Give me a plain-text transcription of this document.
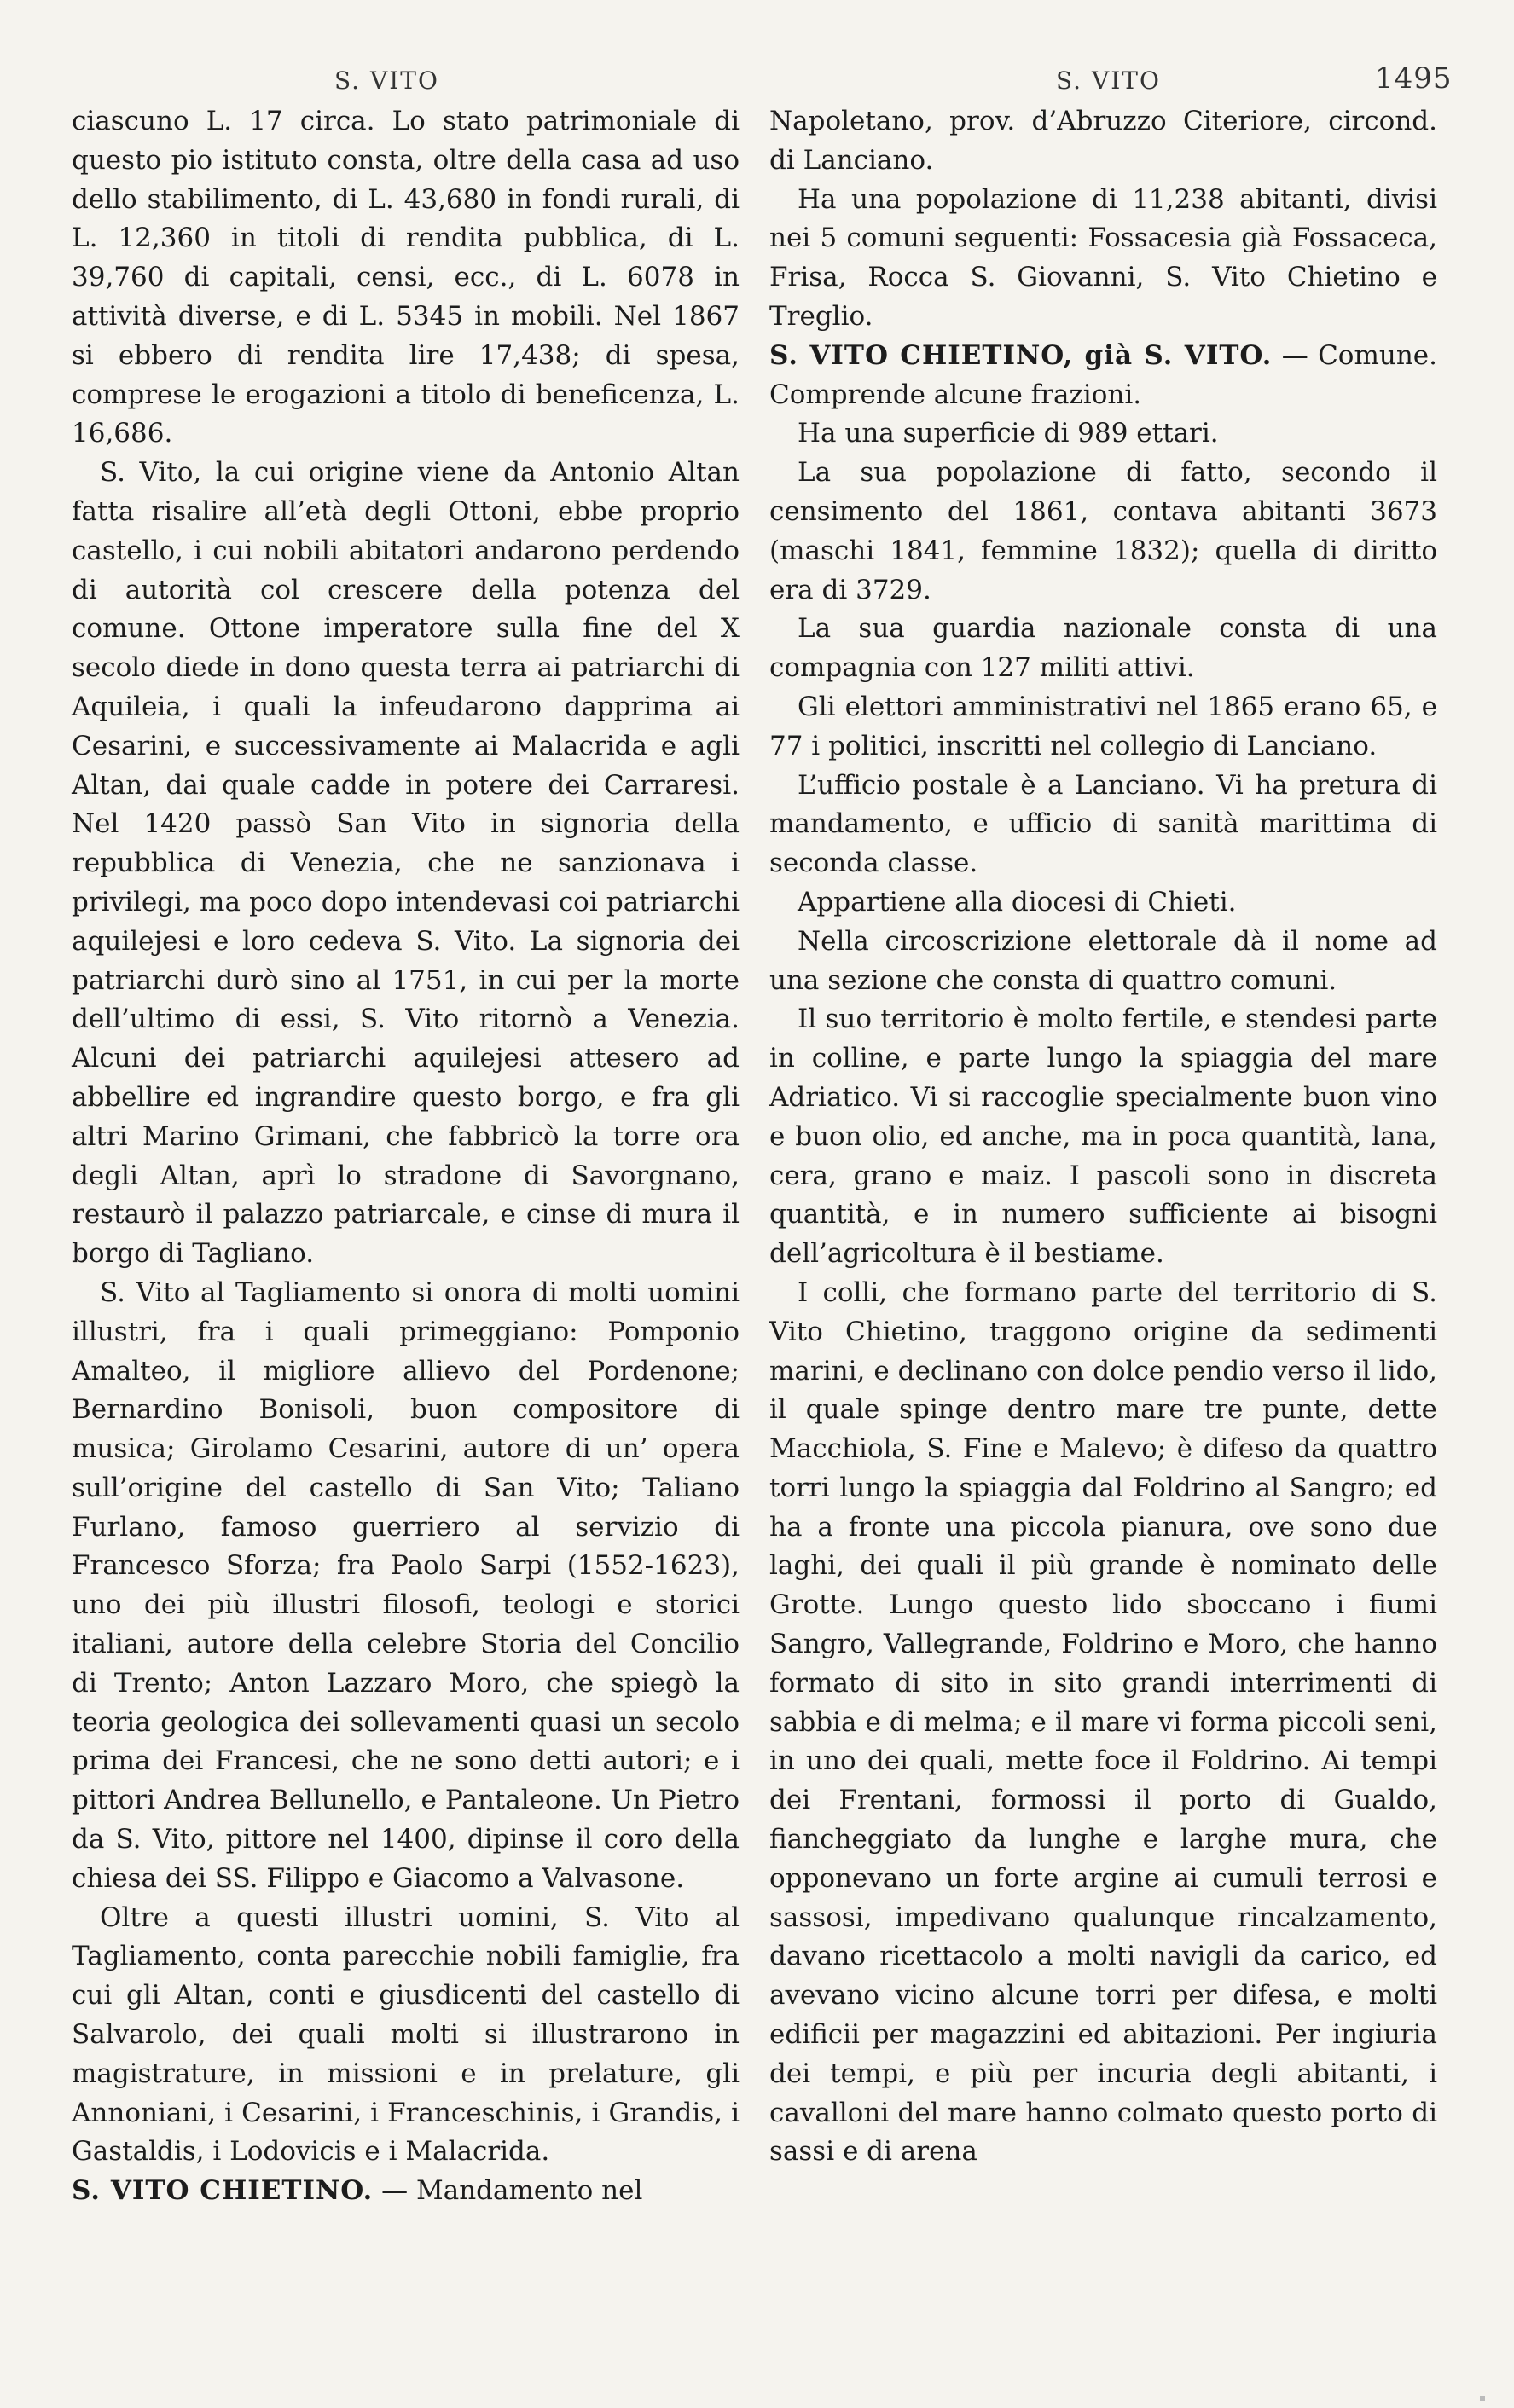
S. VITO	S. VITO	1495

ciascuno L. 17 circa. Lo stato patrimoniale di questo pio istituto consta, oltre della casa ad uso dello stabilimento, di L. 43,680 in fondi rurali, di L. 12,360 in titoli di rendita pubblica, di L. 39,760 di capitali, censi, ecc., di L. 6078 in attività diverse, e di L. 5345 in mobili. Nel 1867 si ebbero di rendita lire 17,438; di spesa, comprese le erogazioni a titolo di beneficenza, L. 16,686.

S. Vito, la cui origine viene da Antonio Altan fatta risalire all’età degli Ottoni, ebbe proprio castello, i cui nobili abitatori andarono perdendo di autorità col crescere della potenza del comune. Ottone imperatore sulla fine del X secolo diede in dono questa terra ai patriarchi di Aquileia, i quali la infeudarono dapprima ai Cesarini, e successivamente ai Malacrida e agli Altan, dai quale cadde in potere dei Carraresi. Nel 1420 passò San Vito in signoria della repubblica di Venezia, che ne sanzionava i privilegi, ma poco dopo intendevasi coi patriarchi aquilejesi e loro cedeva S. Vito. La signoria dei patriarchi durò sino al 1751, in cui per la morte dell’ultimo di essi, S. Vito ritornò a Venezia. Alcuni dei patriarchi aquilejesi attesero ad abbellire ed ingrandire questo borgo, e fra gli altri Marino Grimani, che fabbricò la torre ora degli Altan, aprì lo stradone di Savorgnano, restaurò il palazzo patriarcale, e cinse di mura il borgo di Tagliano.

S. Vito al Tagliamento si onora di molti uomini illustri, fra i quali primeggiano: Pomponio Amalteo, il migliore allievo del Pordenone; Bernardino Bonisoli, buon compositore di musica; Girolamo Cesarini, autore di un’ opera sull’origine del castello di San Vito; Taliano Furlano, famoso guerriero al servizio di Francesco Sforza; fra Paolo Sarpi (1552-1623), uno dei più illustri filosofi, teologi e storici italiani, autore della celebre Storia del Concilio di Trento; Anton Lazzaro Moro, che spiegò la teoria geologica dei sollevamenti quasi un secolo prima dei Francesi, che ne sono detti autori; e i pittori Andrea Bellunello, e Pantaleone. Un Pietro da S. Vito, pittore nel 1400, dipinse il coro della chiesa dei SS. Filippo e Giacomo a Valvasone.

Oltre a questi illustri uomini, S. Vito al Tagliamento, conta parecchie nobili famiglie, fra cui gli Altan, conti e giusdicenti del castello di Salvarolo, dei quali molti si illustrarono in magistrature, in missioni e in prelature, gli Annoniani, i Cesarini, i Franceschinis, i Grandis, i Gastaldis, i Lodovicis e i Malacrida.

S. VITO CHIETINO. — Mandamento nel

Napoletano, prov. d’Abruzzo Citeriore, circond. di Lanciano.

Ha una popolazione di 11,238 abitanti, divisi nei 5 comuni seguenti: Fossacesia già Fossaceca, Frisa, Rocca S. Giovanni, S. Vito Chietino e Treglio.

S. VITO CHIETINO, già S. VITO. — Comune. Comprende alcune frazioni.

Ha una superficie di 989 ettari.

La sua popolazione di fatto, secondo il censimento del 1861, contava abitanti 3673 (maschi 1841, femmine 1832); quella di diritto era di 3729.

La sua guardia nazionale consta di una compagnia con 127 militi attivi.

Gli elettori amministrativi nel 1865 erano 65, e 77 i politici, inscritti nel collegio di Lanciano.

L’ufficio postale è a Lanciano. Vi ha pretura di mandamento, e ufficio di sanità marittima di seconda classe.

Appartiene alla diocesi di Chieti.

Nella circoscrizione elettorale dà il nome ad una sezione che consta di quattro comuni.

Il suo territorio è molto fertile, e stendesi parte in colline, e parte lungo la spiaggia del mare Adriatico. Vi si raccoglie specialmente buon vino e buon olio, ed anche, ma in poca quantità, lana, cera, grano e maiz. I pascoli sono in discreta quantità, e in numero sufficiente ai bisogni dell’agricoltura è il bestiame.

I colli, che formano parte del territorio di S. Vito Chietino, traggono origine da sedimenti marini, e declinano con dolce pendio verso il lido, il quale spinge dentro mare tre punte, dette Macchiola, S. Fine e Malevo; è difeso da quattro torri lungo la spiaggia dal Foldrino al Sangro; ed ha a fronte una piccola pianura, ove sono due laghi, dei quali il più grande è nominato delle Grotte. Lungo questo lido sboccano i fiumi Sangro, Vallegrande, Foldrino e Moro, che hanno formato di sito in sito grandi interrimenti di sabbia e di melma; e il mare vi forma piccoli seni, in uno dei quali, mette foce il Foldrino. Ai tempi dei Frentani, formossi il porto di Gualdo, fiancheggiato da lunghe e larghe mura, che opponevano un forte argine ai cumuli terrosi e sassosi, impedivano qualunque rincalzamento, davano ricettacolo a molti navigli da carico, ed avevano vicino alcune torri per difesa, e molti edificii per magazzini ed abitazioni. Per ingiuria dei tempi, e più per incuria degli abitanti, i cavalloni del mare hanno colmato questo porto di sassi e di arena
